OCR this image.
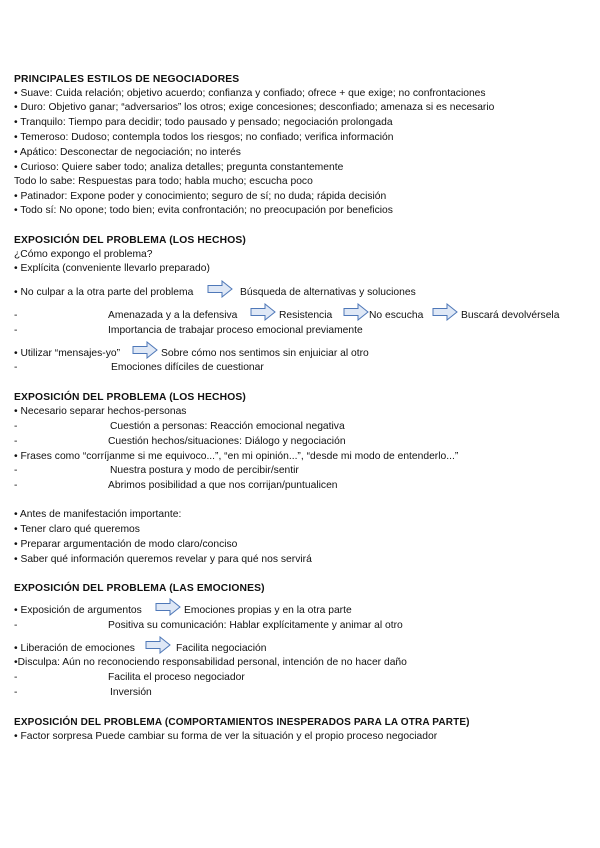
PRINCIPALES ESTILOS DE NEGOCIADORES
• Suave: Cuida relación; objetivo acuerdo; confianza y confiado; ofrece + que exige; no confrontaciones
• Duro: Objetivo ganar; “adversarios” los otros; exige concesiones; desconfiado; amenaza si es necesario
• Tranquilo: Tiempo para decidir; todo pausado y pensado; negociación prolongada
• Temeroso: Dudoso; contempla todos los riesgos; no confiado; verifica información
• Apático: Desconectar de negociación; no interés
• Curioso: Quiere saber todo; analiza detalles; pregunta constantemente
Todo lo sabe: Respuestas para todo; habla mucho; escucha poco
• Patinador: Expone poder y conocimiento; seguro de sí; no duda; rápida decisión
• Todo sí: No opone; todo bien; evita confrontación; no preocupación por beneficios
EXPOSICIÓN DEL PROBLEMA (LOS HECHOS)
¿Cómo expongo el problema?
• Explícita (conveniente llevarlo preparado)
• No culpar a la otra parte del problema	Búsqueda de alternativas y soluciones
-	Amenazada y a la defensiva	Resistencia	No escucha	Buscará devolvérsela
-	Importancia de trabajar proceso emocional previamente
• Utilizar “mensajes-yo”	Sobre cómo nos sentimos sin enjuiciar al otro
-	Emociones difíciles de cuestionar
EXPOSICIÓN DEL PROBLEMA (LOS HECHOS)
• Necesario separar hechos-personas
-	Cuestión a personas: Reacción emocional negativa
-	Cuestión hechos/situaciones: Diálogo y negociación
• Frases como “corríjanme si me equivoco...”, “en mi opinión...”, “desde mi modo de entenderlo...”
-	Nuestra postura y modo de percibir/sentir
-	Abrimos posibilidad a que nos corrijan/puntualicen
• Antes de manifestación importante:
• Tener claro qué queremos
• Preparar argumentación de modo claro/conciso
• Saber qué información queremos revelar y para qué nos servirá
EXPOSICIÓN DEL PROBLEMA (LAS EMOCIONES)
• Exposición de argumentos	Emociones propias y en la otra parte
-	Positiva su comunicación: Hablar explícitamente y animar al otro
• Liberación de emociones	Facilita negociación
•Disculpa: Aún no reconociendo responsabilidad personal, intención de no hacer daño
-	Facilita el proceso negociador
-	Inversión
EXPOSICIÓN DEL PROBLEMA (COMPORTAMIENTOS INESPERADOS PARA LA OTRA PARTE)
• Factor sorpresa Puede cambiar su forma de ver la situación y el propio proceso negociador
